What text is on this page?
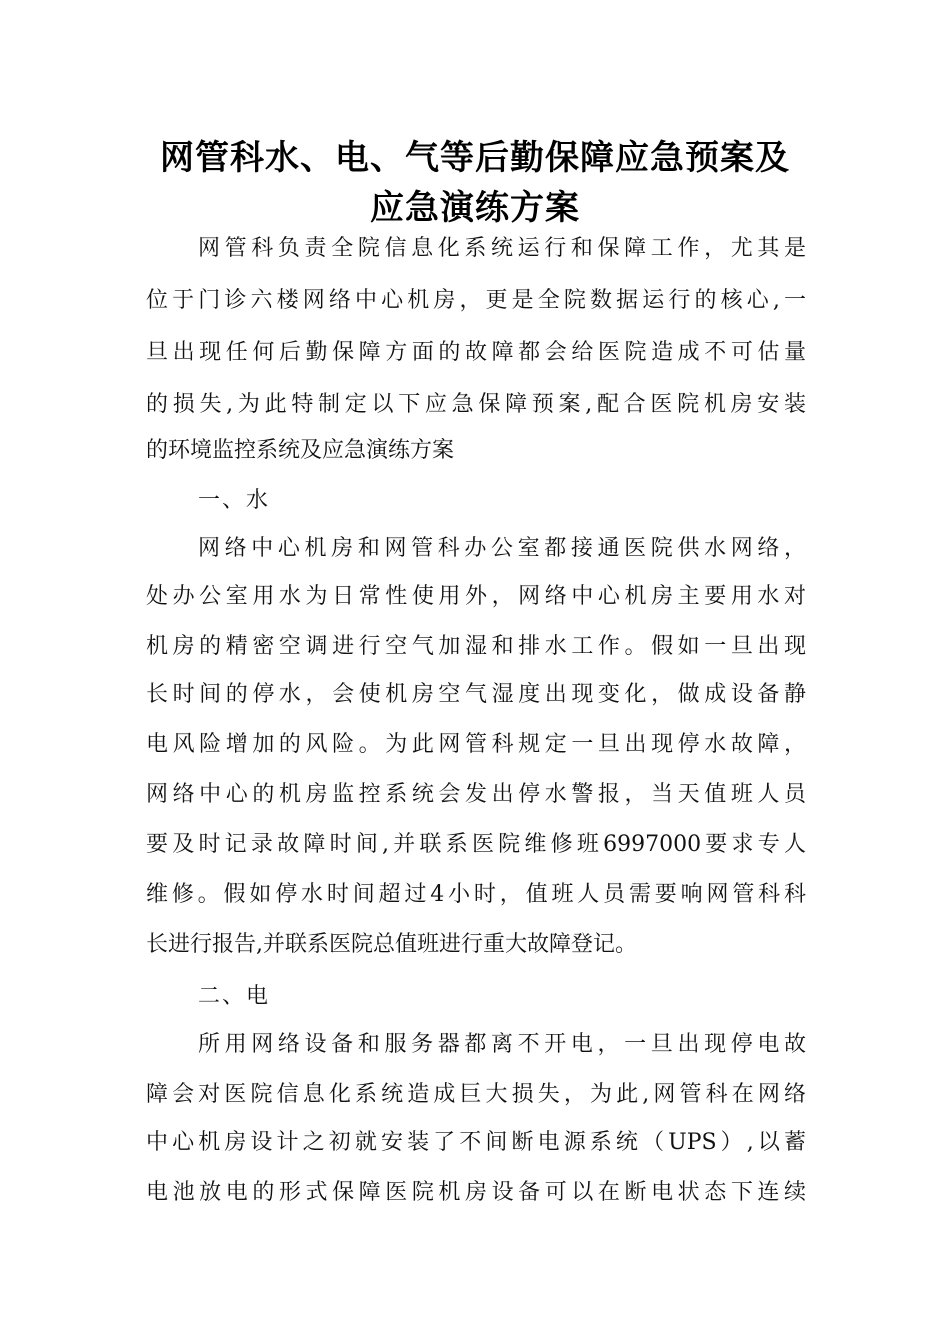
网管科水、电、气等后勤保障应急预案及
应急演练方案
网管科负责全院信息化系统运行和保障工作，尤其是
位于门诊六楼网络中心机房，更是全院数据运行的核心,一
旦出现任何后勤保障方面的故障都会给医院造成不可估量
的损失,为此特制定以下应急保障预案,配合医院机房安装
的环境监控系统及应急演练方案
一、水
网络中心机房和网管科办公室都接通医院供水网络，
处办公室用水为日常性使用外，网络中心机房主要用水对
机房的精密空调进行空气加湿和排水工作。假如一旦出现
长时间的停水，会使机房空气湿度出现变化，做成设备静
电风险增加的风险。为此网管科规定一旦出现停水故障，
网络中心的机房监控系统会发出停水警报，当天值班人员
要及时记录故障时间,并联系医院维修班6997000要求专人
维修。假如停水时间超过4小时，值班人员需要响网管科科
长进行报告,并联系医院总值班进行重大故障登记。
二、电
所用网络设备和服务器都离不开电，一旦出现停电故
障会对医院信息化系统造成巨大损失，为此,网管科在网络
中心机房设计之初就安装了不间断电源系统（UPS）,以蓄
电池放电的形式保障医院机房设备可以在断电状态下连续
